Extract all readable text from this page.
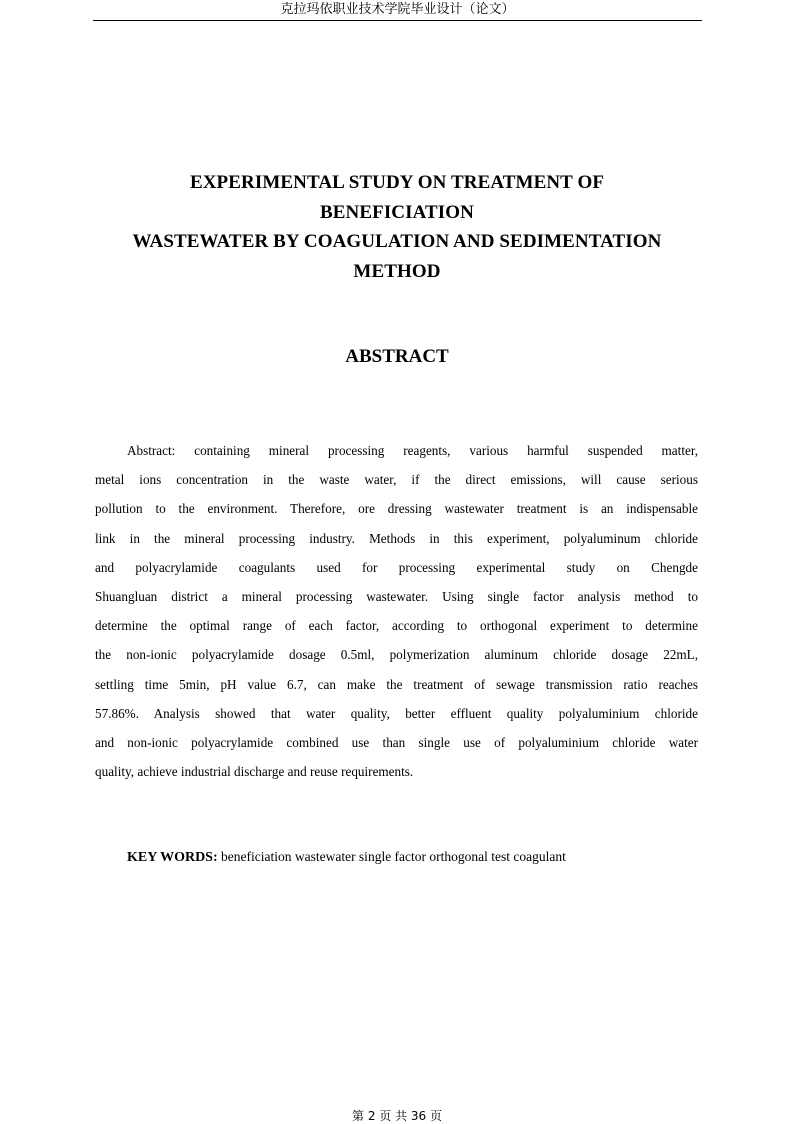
克拉玛依职业技术学院毕业设计（论文）
EXPERIMENTAL STUDY ON TREATMENT OF
BENEFICIATION
WASTEWATER BY COAGULATION AND SEDIMENTATION
METHOD
ABSTRACT
Abstract: containing mineral processing reagents, various harmful suspended matter,
metal ions concentration in the waste water, if the direct emissions, will cause serious
pollution to the environment. Therefore, ore dressing wastewater treatment is an indispensable
link in the mineral processing industry. Methods in this experiment, polyaluminum chloride
and polyacrylamide coagulants used for processing experimental study on Chengde
Shuangluan district a mineral processing wastewater. Using single factor analysis method to
determine the optimal range of each factor, according to orthogonal experiment to determine
the non-ionic polyacrylamide dosage 0.5ml, polymerization aluminum chloride dosage 22mL,
settling time 5min, pH value 6.7, can make the treatment of sewage transmission ratio reaches
57.86%. Analysis showed that water quality, better effluent quality polyaluminium chloride
and non-ionic polyacrylamide combined use than single use of polyaluminium chloride water
quality, achieve industrial discharge and reuse requirements.
KEY WORDS: beneficiation wastewater single factor orthogonal test coagulant
第 2 页 共 36 页
